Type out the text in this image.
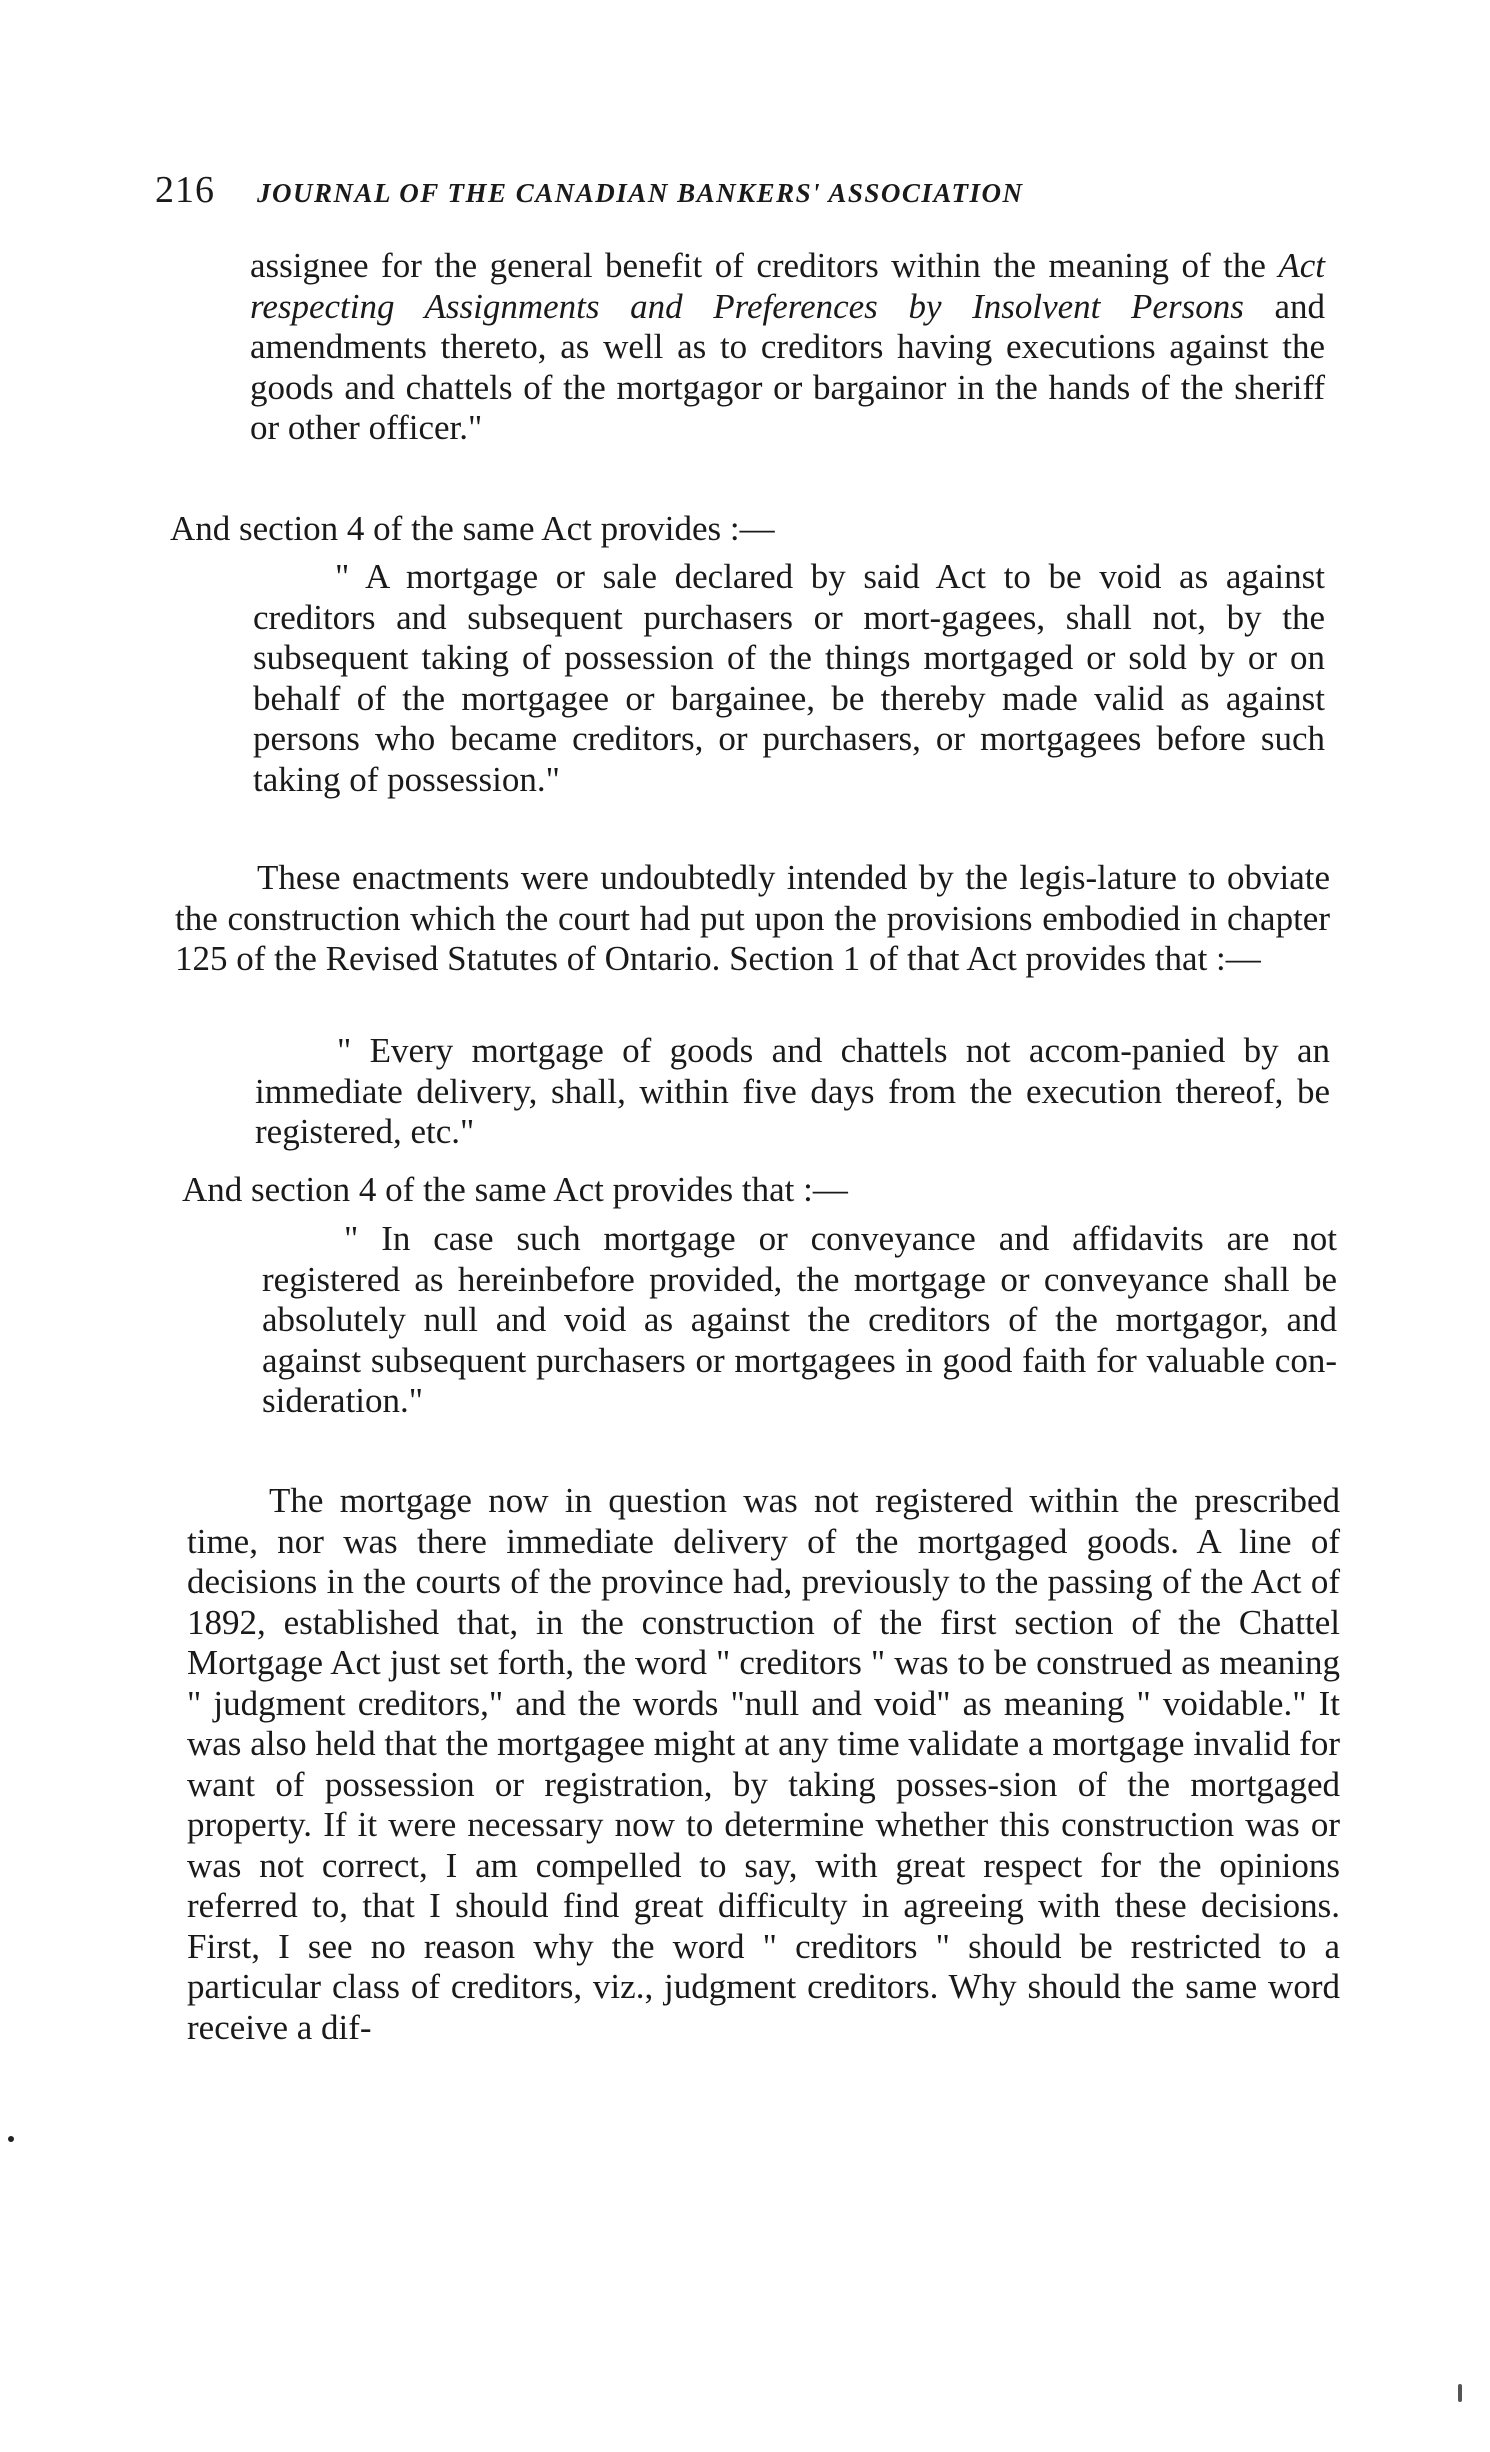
216 JOURNAL OF THE CANADIAN BANKERS' ASSOCIATION

assignee for the general benefit of creditors within the meaning of the Act respecting Assignments and Preferences by Insolvent Persons and amendments thereto, as well as to creditors having executions against the goods and chattels of the mortgagor or bargainor in the hands of the sheriff or other officer."

And section 4 of the same Act provides :—

" A mortgage or sale declared by said Act to be void as against creditors and subsequent purchasers or mort-gagees, shall not, by the subsequent taking of possession of the things mortgaged or sold by or on behalf of the mortgagee or bargainee, be thereby made valid as against persons who became creditors, or purchasers, or mortgagees before such taking of possession."

These enactments were undoubtedly intended by the legis-lature to obviate the construction which the court had put upon the provisions embodied in chapter 125 of the Revised Statutes of Ontario. Section 1 of that Act provides that :—

" Every mortgage of goods and chattels not accom-panied by an immediate delivery, shall, within five days from the execution thereof, be registered, etc."

And section 4 of the same Act provides that :—

" In case such mortgage or conveyance and affidavits are not registered as hereinbefore provided, the mortgage or conveyance shall be absolutely null and void as against the creditors of the mortgagor, and against subsequent purchasers or mortgagees in good faith for valuable con-sideration."

The mortgage now in question was not registered within the prescribed time, nor was there immediate delivery of the mortgaged goods. A line of decisions in the courts of the province had, previously to the passing of the Act of 1892, established that, in the construction of the first section of the Chattel Mortgage Act just set forth, the word " creditors " was to be construed as meaning " judgment creditors," and the words "null and void" as meaning " voidable." It was also held that the mortgagee might at any time validate a mortgage invalid for want of possession or registration, by taking posses-sion of the mortgaged property. If it were necessary now to determine whether this construction was or was not correct, I am compelled to say, with great respect for the opinions referred to, that I should find great difficulty in agreeing with these decisions. First, I see no reason why the word " creditors " should be restricted to a particular class of creditors, viz., judgment creditors. Why should the same word receive a dif-
